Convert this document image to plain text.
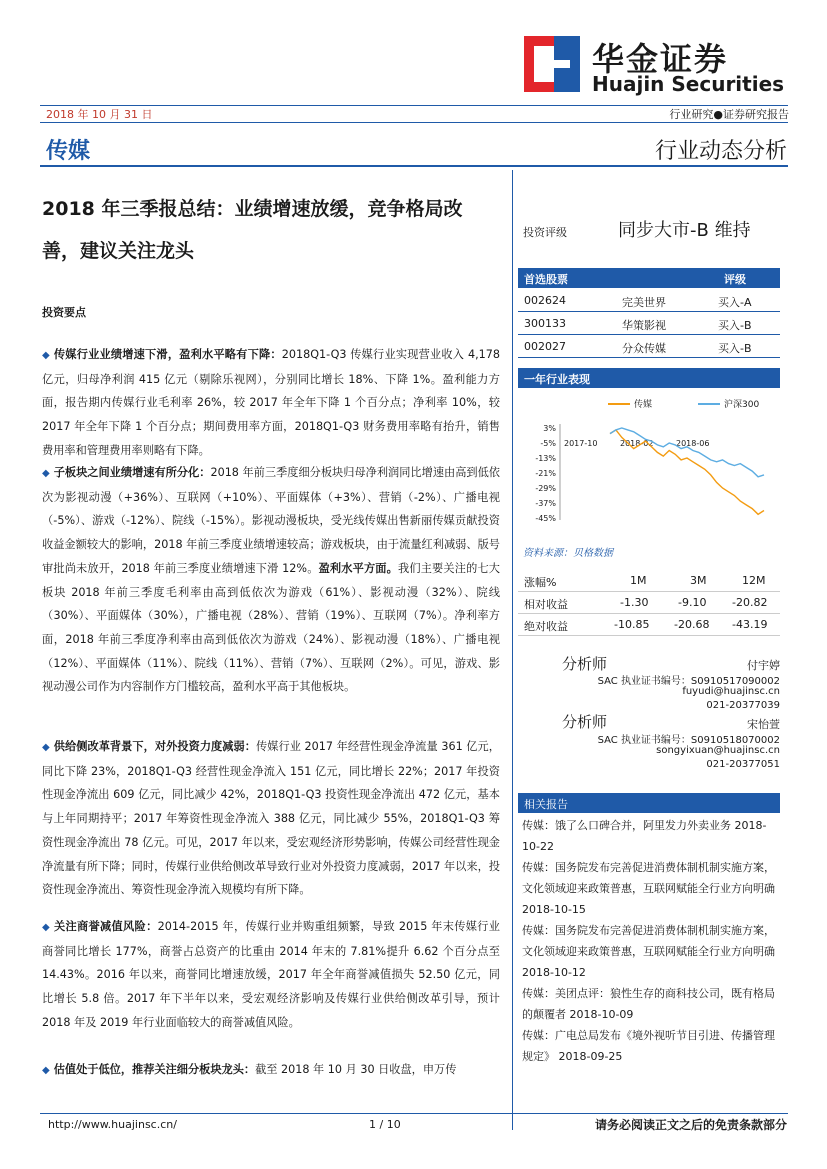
华金证券
Huajin Securities
2018 年 10 月 31 日	行业研究●证券研究报告
传媒	行业动态分析
2018 年三季报总结：业绩增速放缓，竞争格局改善，建议关注龙头
投资要点
◆ 传媒行业业绩增速下滑，盈利水平略有下降：2018Q1-Q3 传媒行业实现营业收入 4,178 亿元，归母净利润 415 亿元（剔除乐视网），分别同比增长 18%、下降 1%。盈利能力方面，报告期内传媒行业毛利率 26%，较 2017 年全年下降 1 个百分点；净利率 10%，较 2017 年全年下降 1 个百分点；期间费用率方面，2018Q1-Q3 财务费用率略有抬升，销售费用率和管理费用率则略有下降。
◆ 子板块之间业绩增速有所分化：2018 年前三季度细分板块归母净利润同比增速由高到低依次为影视动漫（+36%）、互联网（+10%）、平面媒体（+3%）、营销（-2%）、广播电视（-5%）、游戏（-12%）、院线（-15%）。影视动漫板块，受光线传媒出售新丽传媒贡献投资收益金额较大的影响，2018 年前三季度业绩增速较高；游戏板块，由于流量红利减弱、版号审批尚未放开，2018 年前三季度业绩增速下滑 12%。盈利水平方面。我们主要关注的七大板块 2018 年前三季度毛利率由高到低依次为游戏（61%）、影视动漫（32%）、院线（30%）、平面媒体（30%），广播电视（28%）、营销（19%）、互联网（7%）。净利率方面，2018 年前三季度净利率由高到低依次为游戏（24%）、影视动漫（18%）、广播电视（12%）、平面媒体（11%）、院线（11%）、营销（7%）、互联网（2%）。可见，游戏、影视动漫公司作为内容制作方门槛较高，盈利水平高于其他板块。
◆ 供给侧改革背景下，对外投资力度减弱：传媒行业 2017 年经营性现金净流量 361 亿元，同比下降 23%，2018Q1-Q3 经营性现金净流入 151 亿元，同比增长 22%；2017 年投资性现金净流出 609 亿元，同比减少 42%，2018Q1-Q3 投资性现金净流出 472 亿元，基本与上年同期持平；2017 年筹资性现金净流入 388 亿元，同比减少 55%，2018Q1-Q3 筹资性现金净流出 78 亿元。可见，2017 年以来，受宏观经济形势影响，传媒公司经营性现金净流量有所下降；同时，传媒行业供给侧改革导致行业对外投资力度减弱，2017 年以来，投资性现金净流出、筹资性现金净流入规模均有所下降。
◆ 关注商誉减值风险：2014-2015 年，传媒行业并购重组频繁，导致 2015 年末传媒行业商誉同比增长 177%，商誉占总资产的比重由 2014 年末的 7.81%提升 6.62 个百分点至 14.43%。2016 年以来，商誉同比增速放缓，2017 年全年商誉减值损失 52.50 亿元，同比增长 5.8 倍。2017 年下半年以来，受宏观经济影响及传媒行业供给侧改革引导，预计 2018 年及 2019 年行业面临较大的商誉减值风险。
◆ 估值处于低位，推荐关注细分板块龙头：截至 2018 年 10 月 30 日收盘，申万传
投资评级	同步大市-B 维持
首选股票	评级
002624	完美世界	买入-A
300133	华策影视	买入-B
002027	分众传媒	买入-B
一年行业表现
传媒	沪深300
3%
-5%
-13%
-21%
-29%
-37%
-45%
2017-10	2018-02	2018-06
资料来源：贝格数据
涨幅%	1M	3M	12M
相对收益	-1.30	-9.10 -20.82
绝对收益	-10.85 -20.68 -43.19
分析师	付宇婷
SAC 执业证书编号：S0910517090002
fuyudi@huajinsc.cn
021-20377039
分析师	宋怡萱
SAC 执业证书编号：S0910518070002
songyixuan@huajinsc.cn
021-20377051
相关报告
传媒：饿了么口碑合并，阿里发力外卖业务 2018-10-22
传媒：国务院发布完善促进消费体制机制实施方案，文化领域迎来政策普惠，互联网赋能全行业方向明确 2018-10-15
传媒：国务院发布完善促进消费体制机制实施方案，文化领域迎来政策普惠，互联网赋能全行业方向明确 2018-10-12
传媒：美团点评：狼性生存的商科技公司，既有格局的颠覆者 2018-10-09
传媒：广电总局发布《境外视听节目引进、传播管理规定》 2018-09-25
http://www.huajinsc.cn/	1 / 10	请务必阅读正文之后的免责条款部分
